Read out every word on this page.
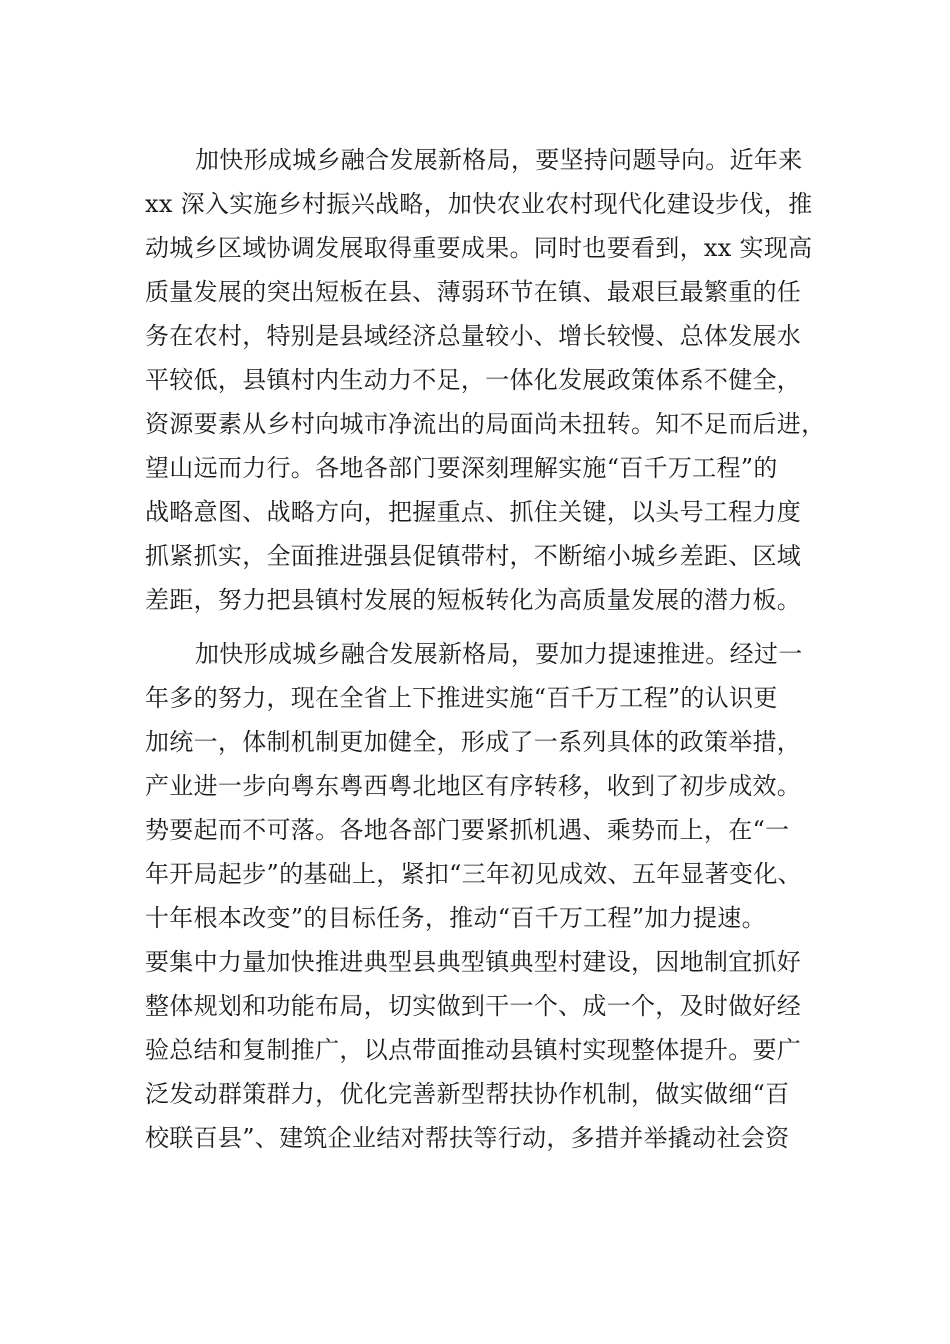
加快形成城乡融合发展新格局，要坚持问题导向。近年来
xx 深入实施乡村振兴战略，加快农业农村现代化建设步伐，推
动城乡区域协调发展取得重要成果。同时也要看到，xx 实现高
质量发展的突出短板在县、薄弱环节在镇、最艰巨最繁重的任
务在农村，特别是县域经济总量较小、增长较慢、总体发展水
平较低，县镇村内生动力不足，一体化发展政策体系不健全，
资源要素从乡村向城市净流出的局面尚未扭转。知不足而后进，
望山远而力行。各地各部门要深刻理解实施“百千万工程”的
战略意图、战略方向，把握重点、抓住关键，以头号工程力度
抓紧抓实，全面推进强县促镇带村，不断缩小城乡差距、区域
差距，努力把县镇村发展的短板转化为高质量发展的潜力板。
加快形成城乡融合发展新格局，要加力提速推进。经过一
年多的努力，现在全省上下推进实施“百千万工程”的认识更
加统一，体制机制更加健全，形成了一系列具体的政策举措，
产业进一步向粤东粤西粤北地区有序转移，收到了初步成效。
势要起而不可落。各地各部门要紧抓机遇、乘势而上，在“一
年开局起步”的基础上，紧扣“三年初见成效、五年显著变化、
十年根本改变”的目标任务，推动“百千万工程”加力提速。
要集中力量加快推进典型县典型镇典型村建设，因地制宜抓好
整体规划和功能布局，切实做到干一个、成一个，及时做好经
验总结和复制推广，以点带面推动县镇村实现整体提升。要广
泛发动群策群力，优化完善新型帮扶协作机制，做实做细“百
校联百县”、建筑企业结对帮扶等行动，多措并举撬动社会资
